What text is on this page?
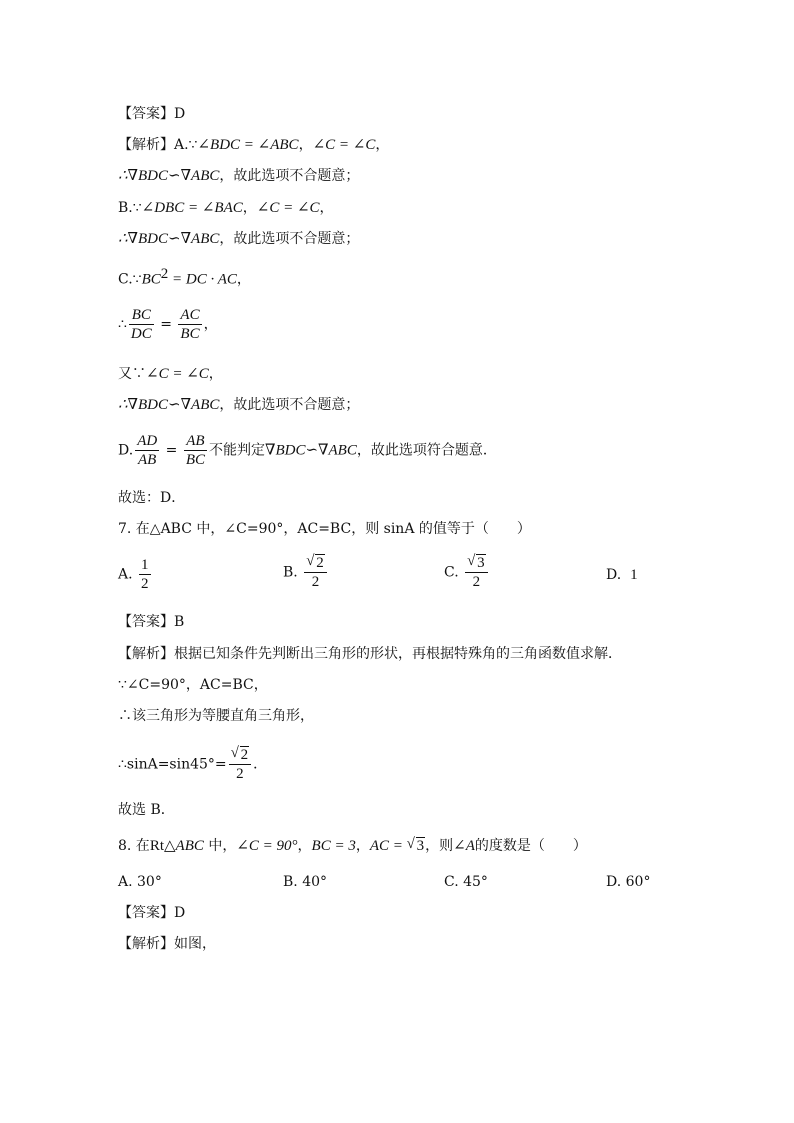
【答案】D
【解析】A.∵∠BDC = ∠ABC，∠C = ∠C，
∴∇BDC∽∇ABC，故此选项不合题意；
B.∵∠DBC = ∠BAC，∠C = ∠C，
∴∇BDC∽∇ABC，故此选项不合题意；
$C.\because BC^2$ = DC · AC，
∴ $\frac{BC}{DC} = \frac{AC}{BC}$ ，
又∵∠C = ∠C，
∴∇BDC∽∇ABC，故此选项不合题意；
D. $\frac{AD}{AB} = \frac{AB}{BC}$ 不能判定∇BDC∽∇ABC，故此选项符合题意．
故选：D．
7. 在△ABC 中，∠C=90°，AC=BC，则 sinA 的值等于（　　）
A. $\frac{1}{2}$	B. $\frac{√ 2}{2}$	C. $\frac{√ 3}{2}$	D. 1
【答案】B
【解析】根据已知条件先判断出三角形的形状，再根据特殊角的三角函数值求解．
∵∠C=90°，AC=BC，
∴该三角形为等腰直角三角形，
∴sinA=sin45°= $\frac{√ 2}{2}$ ．
故选 B．
8. 在Rt△ABC 中，∠C = 90°，BC = 3，AC = √ 3，则∠A的度数是（　　）
A. 30°	B. 40°	C. 45°	D. 60°
【答案】D
【解析】如图，
